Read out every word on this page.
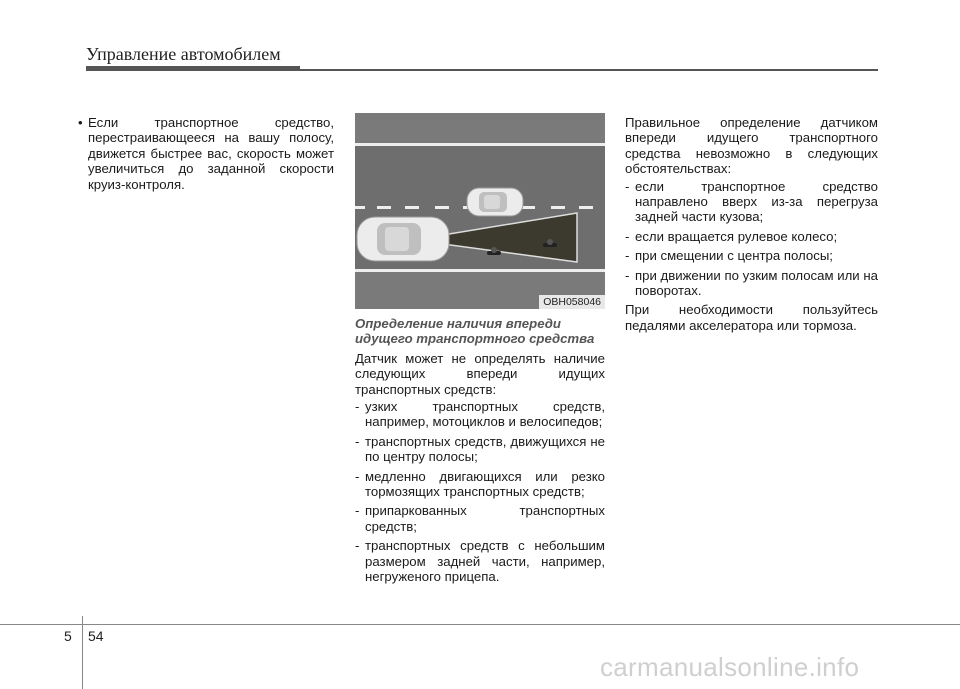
Управление автомобилем
• Если транспортное средство, перестраивающееся на вашу полосу, движется быстрее вас, скорость может увеличиться до заданной скорости круиз-контроля.
OBH058046
Определение наличия впереди идущего транспортного средства

Датчик может не определять наличие следующих впереди идущих транспортных средств:

- узких транспортных средств, например, мотоциклов и велосипедов;
- транспортных средств, движущихся не по центру полосы;
- медленно двигающихся или резко тормозящих транспортных средств;
- припаркованных транспортных средств;
- транспортных средств с небольшим размером задней части, например, негруженого прицепа.

Правильное определение датчиком впереди идущего транспортного средства невозможно в следующих обстоятельствах:

- если транспортное средство направлено вверх из-за перегруза задней части кузова;
- если вращается рулевое колесо;
- при смещении с центра полосы;
- при движении по узким полосам или на поворотах.

При необходимости пользуйтесь педалями акселератора или тормоза.

5 54
carmanualsonline.info
